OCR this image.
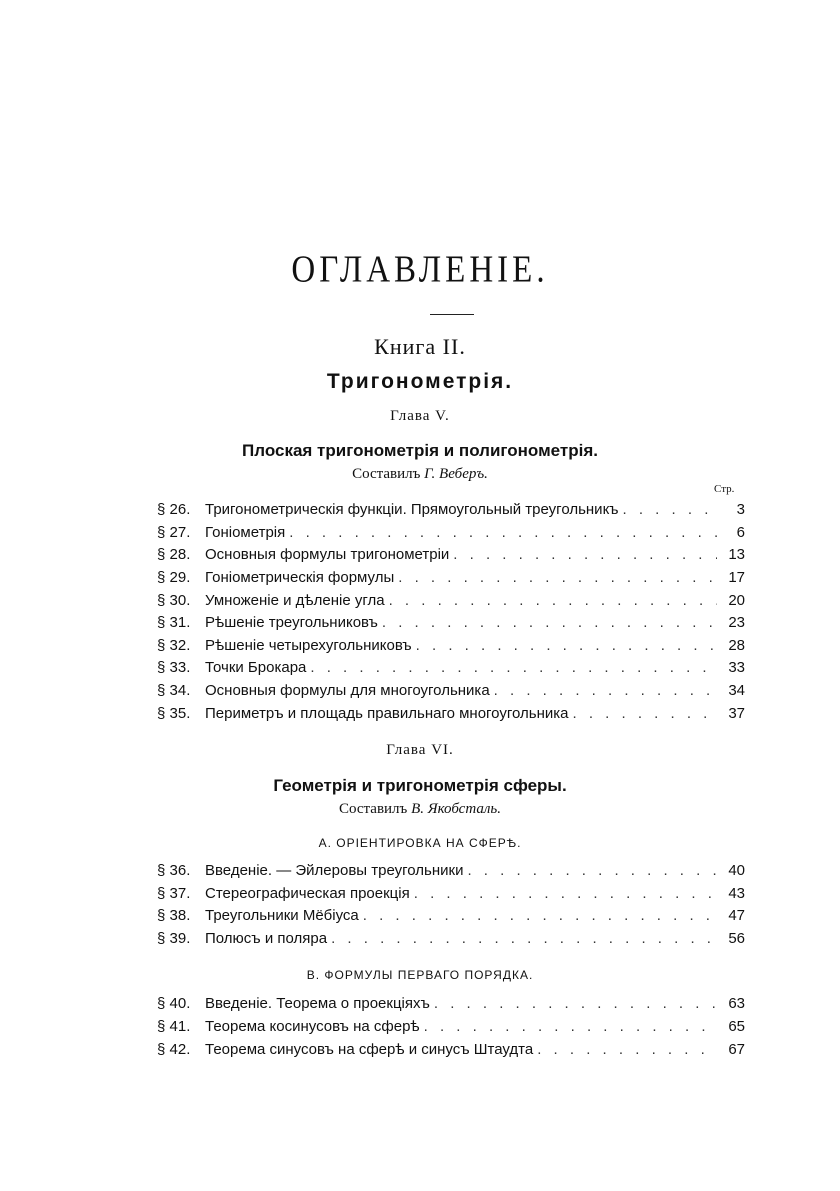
ОГЛАВЛЕНІЕ.
Книга II.
Тригонометрія.
Глава V.
Плоская тригонометрія и полигонометрія.
Составилъ Г. Веберъ.
Стр.
§ 26. Тригонометрическія функціи. Прямоугольный треугольникъ . . .	3
§ 27. Гоніометрія . . .	6
§ 28. Основныя формулы тригонометріи . . .	13
§ 29. Гоніометрическія формулы . . .	17
§ 30. Умноженіе и дѣленіе угла . . .	20
§ 31. Рѣшеніе треугольниковъ . . .	23
§ 32. Рѣшеніе четырехугольниковъ . . .	28
§ 33. Точки Брокара . . .	33
§ 34. Основныя формулы для многоугольника . . .	34
§ 35. Периметръ и площадь правильнаго многоугольника . . .	37
Глава VI.
Геометрія и тригонометрія сферы.
Составилъ В. Якобсталь.
А. ОРІЕНТИРОВКА НА СФЕРѢ.
§ 36. Введеніе. — Эйлеровы треугольники . . .	40
§ 37. Стереографическая проекція . . .	43
§ 38. Треугольники Мёбіуса . . .	47
§ 39. Полюсъ и поляра . . .	56
В. ФОРМУЛЫ ПЕРВАГО ПОРЯДКА.
§ 40. Введеніе. Теорема о проекціяхъ . . .	63
§ 41. Теорема косинусовъ на сферѣ . . .	65
§ 42. Теорема синусовъ на сферѣ и синусъ Штаудта . . .	67
